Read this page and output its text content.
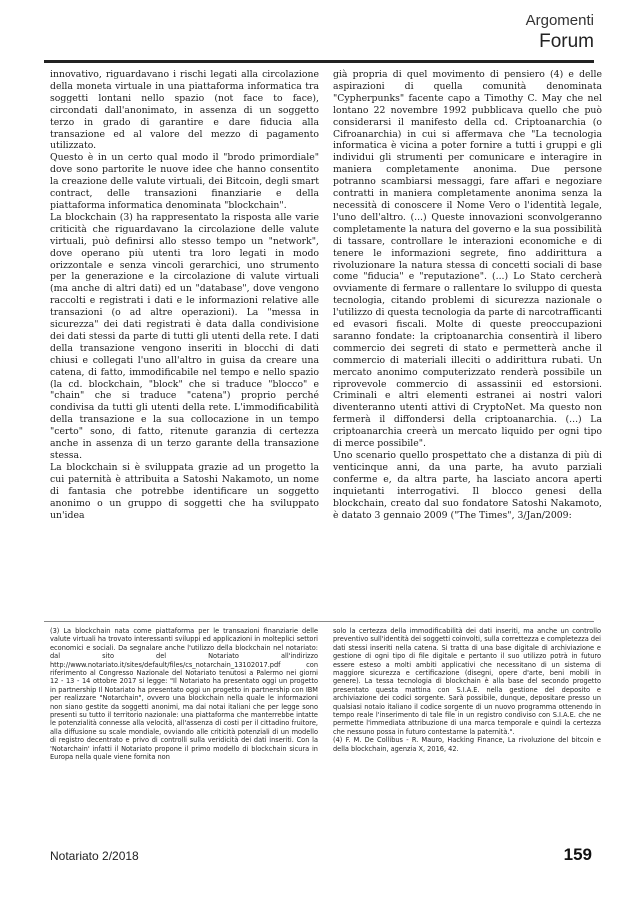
Argomenti
Forum

innovativo, riguardavano i rischi legati alla circolazione della moneta virtuale in una piattaforma informatica tra soggetti lontani nello spazio (not face to face), circondati dall'anonimato, in assenza di un soggetto terzo in grado di garantire e dare fiducia alla transazione ed al valore del mezzo di pagamento utilizzato.

Questo è in un certo qual modo il "brodo primordiale" dove sono partorite le nuove idee che hanno consentito la creazione delle valute virtuali, dei Bitcoin, degli smart contract, delle transazioni finanziarie e della piattaforma informatica denominata "blockchain".

La blockchain (3) ha rappresentato la risposta alle varie criticità che riguardavano la circolazione delle valute virtuali, può definirsi allo stesso tempo un "network", dove operano più utenti tra loro legati in modo orizzontale e senza vincoli gerarchici, uno strumento per la generazione e la circolazione di valute virtuali (ma anche di altri dati) ed un "database", dove vengono raccolti e registrati i dati e le informazioni relative alle transazioni (o ad altre operazioni). La "messa in sicurezza" dei dati registrati è data dalla condivisione dei dati stessi da parte di tutti gli utenti della rete. I dati della transazione vengono inseriti in blocchi di dati chiusi e collegati l'uno all'altro in guisa da creare una catena, di fatto, immodificabile nel tempo e nello spazio (la cd. blockchain, "block" che si traduce "blocco" e "chain" che si traduce "catena") proprio perché condivisa da tutti gli utenti della rete. L'immodificabilità della transazione e la sua collocazione in un tempo "certo" sono, di fatto, ritenute garanzia di certezza anche in assenza di un terzo garante della transazione stessa.

La blockchain si è sviluppata grazie ad un progetto la cui paternità è attribuita a Satoshi Nakamoto, un nome di fantasia che potrebbe identificare un soggetto anonimo o un gruppo di soggetti che ha sviluppato un'idea

già propria di quel movimento di pensiero (4) e delle aspirazioni di quella comunità denominata "Cypherpunks" facente capo a Timothy C. May che nel lontano 22 novembre 1992 pubblicava quello che può considerarsi il manifesto della cd. Criptoanarchia (o Cifroanarchia) in cui si affermava che "La tecnologia informatica è vicina a poter fornire a tutti i gruppi e gli individui gli strumenti per comunicare e interagire in maniera completamente anonima. Due persone potranno scambiarsi messaggi, fare affari e negoziare contratti in maniera completamente anonima senza la necessità di conoscere il Nome Vero o l'identità legale, l'uno dell'altro. (...) Queste innovazioni sconvolgeranno completamente la natura del governo e la sua possibilità di tassare, controllare le interazioni economiche e di tenere le informazioni segrete, fino addirittura a rivoluzionare la natura stessa di concetti sociali di base come "fiducia" e "reputazione". (...) Lo Stato cercherà ovviamente di fermare o rallentare lo sviluppo di questa tecnologia, citando problemi di sicurezza nazionale o l'utilizzo di questa tecnologia da parte di narcotrafficanti ed evasori fiscali. Molte di queste preoccupazioni saranno fondate: la criptoanarchia consentirà il libero commercio dei segreti di stato e permetterà anche il commercio di materiali illeciti o addirittura rubati. Un mercato anonimo computerizzato renderà possibile un riprovevole commercio di assassinii ed estorsioni. Criminali e altri elementi estranei ai nostri valori diventeranno utenti attivi di CryptoNet. Ma questo non fermerà il diffondersi della criptoanarchia. (...) La criptoanarchia creerà un mercato liquido per ogni tipo di merce possibile".

Uno scenario quello prospettato che a distanza di più di venticinque anni, da una parte, ha avuto parziali conferme e, da altra parte, ha lasciato ancora aperti inquietanti interrogativi. Il blocco genesi della blockchain, creato dal suo fondatore Satoshi Nakamoto, è datato 3 gennaio 2009 ("The Times", 3/Jan/2009:

(3) La blockchain nata come piattaforma per le transazioni finanziarie delle valute virtuali ha trovato interessanti sviluppi ed applicazioni in molteplici settori economici e sociali. Da segnalare anche l'utilizzo della blockchain nel notariato: dal sito del Notariato all'indirizzo http://www.notariato.it/sites/default/files/cs_notarchain_13102017.pdf con riferimento al Congresso Nazionale del Notariato tenutosi a Palermo nei giorni 12 - 13 - 14 ottobre 2017 si legge: "Il Notariato ha presentato oggi un progetto in partnership Il Notariato ha presentato oggi un progetto in partnership con IBM per realizzare "Notarchain", ovvero una blockchain nella quale le informazioni non siano gestite da soggetti anonimi, ma dai notai italiani che per legge sono presenti su tutto il territorio nazionale: una piattaforma che manterrebbe intatte le potenzialità connesse alla velocità, all'assenza di costi per il cittadino fruitore, alla diffusione su scale mondiale, ovviando alle criticità potenziali di un modello di registro decentrato e privo di controlli sulla veridicità dei dati inseriti. Con la 'Notarchain' infatti il Notariato propone il primo modello di blockchain sicura in Europa nella quale viene fornita non

solo la certezza della immodificabilità dei dati inseriti, ma anche un controllo preventivo sull'identità dei soggetti coinvolti, sulla correttezza e completezza dei dati stessi inseriti nella catena. Si tratta di una base digitale di archiviazione e gestione di ogni tipo di file digitale e pertanto il suo utilizzo potrà in futuro essere esteso a molti ambiti applicativi che necessitano di un sistema di maggiore sicurezza e certificazione (disegni, opere d'arte, beni mobili in genere). La tessa tecnologia di blockchain è alla base del secondo progetto presentato questa mattina con S.I.A.E. nella gestione del deposito e archiviazione dei codici sorgente. Sarà possibile, dunque, depositare presso un qualsiasi notaio italiano il codice sorgente di un nuovo programma ottenendo in tempo reale l'inserimento di tale file in un registro condiviso con S.I.A.E. che ne permette l'immediata attribuzione di una marca temporale e quindi la certezza che nessuno possa in futuro contestarne la paternità.".

(4) F. M. De Collibus - R. Mauro, Hacking Finance, La rivoluzione del bitcoin e della blockchain, agenzia X, 2016, 42.

Notariato 2/2018	159
